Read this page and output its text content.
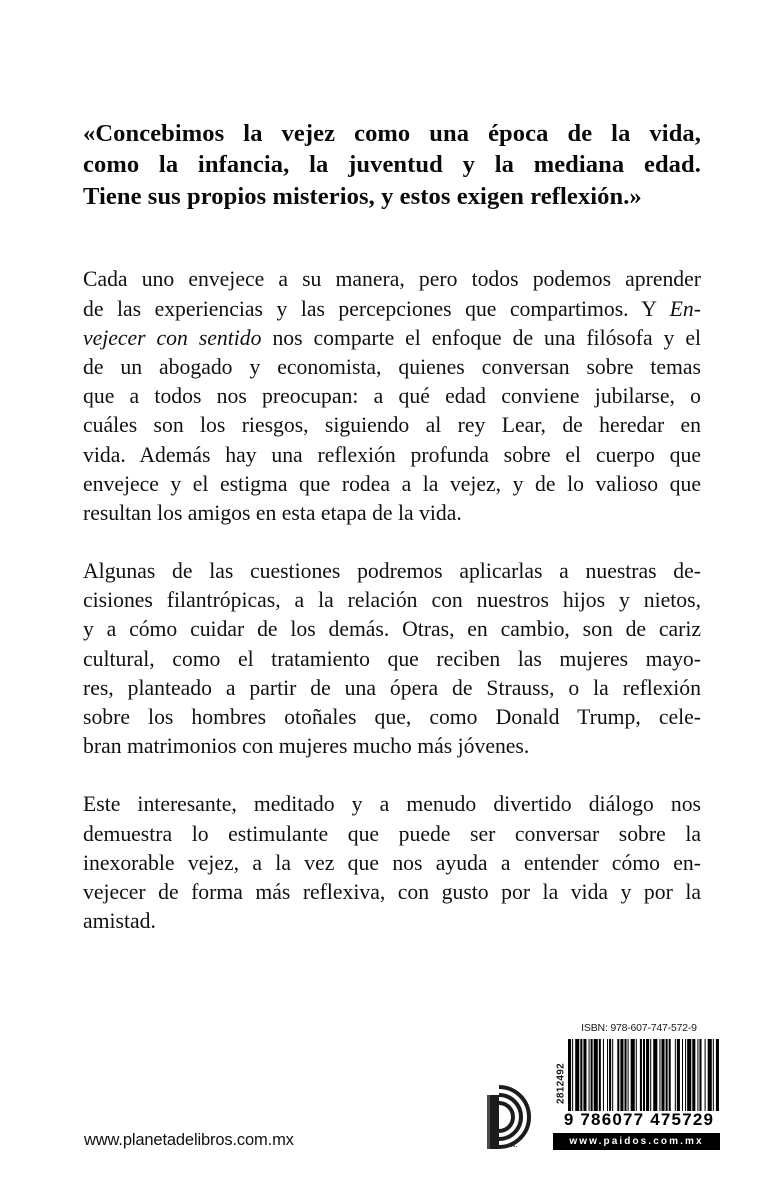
«Concebimos la vejez como una época de la vida,
como la infancia, la juventud y la mediana edad.
Tiene sus propios misterios, y estos exigen reflexión.»
Cada uno envejece a su manera, pero todos podemos aprender
de las experiencias y las percepciones que compartimos. Y En-
vejecer con sentido nos comparte el enfoque de una filósofa y el
de un abogado y economista, quienes conversan sobre temas
que a todos nos preocupan: a qué edad conviene jubilarse, o
cuáles son los riesgos, siguiendo al rey Lear, de heredar en
vida. Además hay una reflexión profunda sobre el cuerpo que
envejece y el estigma que rodea a la vejez, y de lo valioso que
resultan los amigos en esta etapa de la vida.
Algunas de las cuestiones podremos aplicarlas a nuestras de-
cisiones filantrópicas, a la relación con nuestros hijos y nietos,
y a cómo cuidar de los demás. Otras, en cambio, son de cariz
cultural, como el tratamiento que reciben las mujeres mayo-
res, planteado a partir de una ópera de Strauss, o la reflexión
sobre los hombres otoñales que, como Donald Trump, cele-
bran matrimonios con mujeres mucho más jóvenes.
Este interesante, meditado y a menudo divertido diálogo nos
demuestra lo estimulante que puede ser conversar sobre la
inexorable vejez, a la vez que nos ayuda a entender cómo en-
vejecer de forma más reflexiva, con gusto por la vida y por la
amistad.
www.planetadelibros.com.mx	m.x.
ISBN: 978-607-747-572-9
2812492
9 786077 475729
www.paidos.com.mx
